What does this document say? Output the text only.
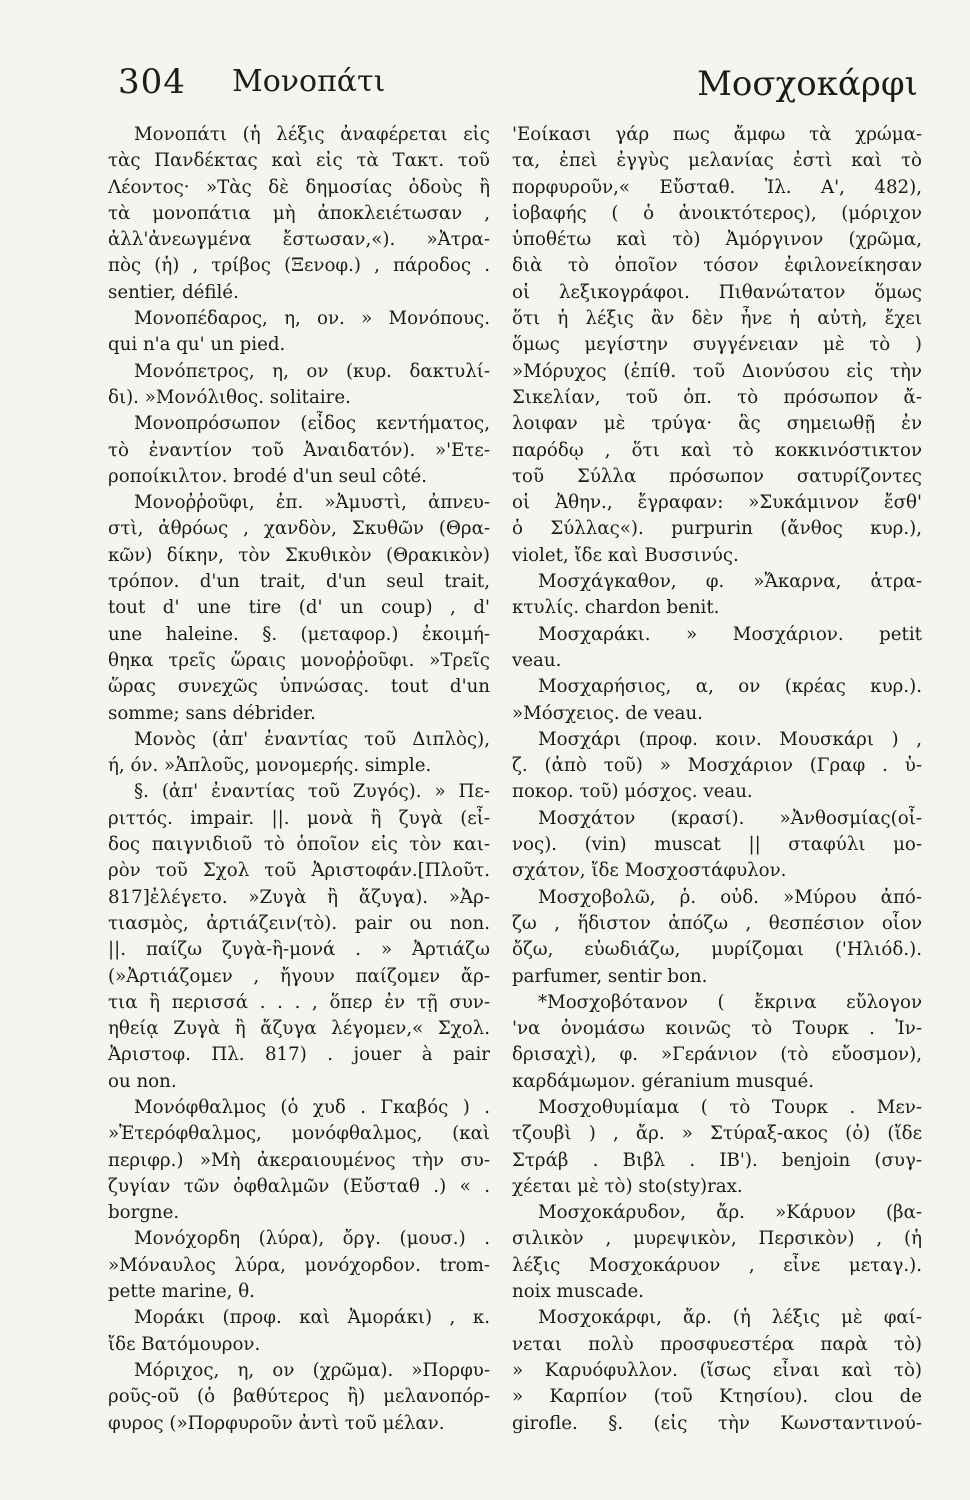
304 Μονοπάτι	Μοσχοκάρφι
Μονοπάτι (ἡ λέξις ἀναφέρεται εἰς
τὰς Πανδέκτας καὶ εἰς τὰ Τακτ. τοῦ
Λέοντος· »Τὰς δὲ δημοσίας ὁδοὺς ἢ
τὰ μονοπάτια μὴ ἀποκλειέτωσαν ,
ἀλλ'ἀνεωγμένα ἔστωσαν,«). »Ἀτρα-
πὸς (ἡ) , τρίβος (Ξενοφ.) , πάροδος .
sentier, défilé.
Μονοπέδαρος, η, ον. » Μονόπους.
qui n'a qu' un pied.
Μονόπετρος, η, ον (κυρ. δακτυλί-
δι). »Μονόλιθος. solitaire.
Μονοπρόσωπον (εἶδος κεντήματος,
τὸ ἐναντίον τοῦ Ἀναιδατόν). »'Ετε-
ροποίκιλτον. brodé d'un seul côté.
Μονοῤῥοῦφι, ἐπ. »Ἀμυστὶ, ἀπνευ-
στὶ, ἀθρόως , χανδὸν, Σκυθῶν (Θρα-
κῶν) δίκην, τὸν Σκυθικὸν (Θρακικὸν)
τρόπον. d'un trait, d'un seul trait,
tout d' une tire (d' un coup) , d'
une haleine. §. (μεταφορ.) ἐκοιμή-
θηκα τρεῖς ὥραις μονοῤῥοῦφι. »Τρεῖς
ὥρας συνεχῶς ὑπνώσας. tout d'un
somme; sans débrider.
Μονὸς (ἀπ' ἐναντίας τοῦ Διπλὸς),
ή, όν. »Ἁπλοῦς, μονομερής. simple.
§. (ἀπ' ἐναντίας τοῦ Ζυγός). » Πε-
ριττός. impair. ||. μονὰ ἢ ζυγὰ (εἶ-
δος παιγνιδιοῦ τὸ ὁποῖον εἰς τὸν και-
ρὸν τοῦ Σχολ τοῦ Ἀριστοφάν.[Πλοῦτ.
817]ἐλέγετο. »Ζυγὰ ἢ ἄζυγα). »Ἀρ-
τιασμὸς, ἀρτιάζειν(τὸ). pair ou non.
||. παίζω ζυγὰ-ἢ-μονά . » Ἀρτιάζω
(»Ἀρτιάζομεν , ἤγουν παίζομεν ἄρ-
τια ἢ περισσά . . . , ὅπερ ἐν τῇ συν-
ηθείᾳ Ζυγὰ ἢ ἄζυγα λέγομεν,« Σχολ.
Ἀριστοφ. Πλ. 817) . jouer à pair
ou non.
Μονόφθαλμος (ὁ χυδ . Γκαβός ) .
»Ἑτερόφθαλμος, μονόφθαλμος, (καὶ
περιφρ.) »Μὴ ἀκεραιουμένος τὴν συ-
ζυγίαν τῶν ὀφθαλμῶν (Εὔσταθ .) « .
borgne.
Μονόχορδη (λύρα), ὄργ. (μουσ.) .
»Μόναυλος λύρα, μονόχορδον. trom-
pette marine, θ.
Μοράκι (προφ. καὶ Ἀμοράκι) , κ.
ἴδε Βατόμουρον.
Μόριχος, η, ον (χρῶμα). »Πορφυ-
ροῦς-οῦ (ὁ βαθύτερος ἢ) μελανοπόρ-
φυρος (»Πορφυροῦν ἀντὶ τοῦ μέλαν.
'Εοίκασι γάρ πως ἄμφω τὰ χρώμα-
τα, ἐπεὶ ἐγγὺς μελανίας ἐστὶ καὶ τὸ
πορφυροῦν,« Εὔσταθ. Ἰλ. Α', 482),
ἰοβαφής ( ὁ ἀνοικτότερος), (μόριχον
ὑποθέτω καὶ τὸ) Ἀμόργινον (χρῶμα,
διὰ τὸ ὁποῖον τόσον ἐφιλονείκησαν
οἱ λεξικογράφοι. Πιθανώτατον ὅμως
ὅτι ἡ λέξις ἂν δὲν ἦνε ἡ αὐτὴ, ἔχει
ὅμως μεγίστην συγγένειαν μὲ τὸ )
»Μόρυχος (ἐπίθ. τοῦ Διονύσου εἰς τὴν
Σικελίαν, τοῦ ὀπ. τὸ πρόσωπον ἄ-
λοιφαν μὲ τρύγα· ἃς σημειωθῇ ἐν
παρόδῳ , ὅτι καὶ τὸ κοκκινόστικτον
τοῦ Σύλλα πρόσωπον σατυρίζοντες
οἱ Ἀθην., ἔγραφαν: »Συκάμινον ἔσθ'
ὁ Σύλλας«). purpurin (ἄνθος κυρ.),
violet, ἴδε καὶ Βυσσινύς.
Μοσχάγκαθον, φ. »Ἄκαρνα, ἀτρα-
κτυλίς. chardon benit.
Μοσχαράκι. » Μοσχάριον. petit
veau.
Μοσχαρήσιος, α, ον (κρέας κυρ.).
»Μόσχειος. de veau.
Μοσχάρι (προφ. κοιν. Μουσκάρι ) ,
ζ. (ἀπὸ τοῦ) » Μοσχάριον (Γραφ . ὑ-
ποκορ. τοῦ) μόσχος. veau.
Μοσχάτον (κρασί). »Ἀνθοσμίας(οἶ-
νος). (vin) muscat || σταφύλι μο-
σχάτον, ἴδε Μοσχοστάφυλον.
Μοσχοβολῶ, ῥ. οὐδ. »Μύρου ἀπό-
ζω , ἥδιστον ἀπόζω , θεσπέσιον οἷον
ὄζω, εὐωδιάζω, μυρίζομαι ('Ηλιόδ.).
parfumer, sentir bon.
*Μοσχοβότανον ( ἔκρινα εὔλογον
'να ὀνομάσω κοινῶς τὸ Τουρκ . Ἰν-
δρισαχὶ), φ. »Γεράνιον (τὸ εὔοσμον),
καρδάμωμον. géranium musqué.
Μοσχοθυμίαμα ( τὸ Τουρκ . Μεν-
τζουβὶ ) , ἄρ. » Στύραξ-ακος (ὁ) (ἴδε
Στράβ . Βιβλ . ΙΒ'). benjoin (συγ-
χέεται μὲ τὸ) sto(sty)rax.
Μοσχοκάρυδον, ἄρ. »Κάρυον (βα-
σιλικὸν , μυρεψικὸν, Περσικὸν) , (ἡ
λέξις Μοσχοκάρυον , εἶνε μεταγ.).
noix muscade.
Μοσχοκάρφι, ἄρ. (ἡ λέξις μὲ φαί-
νεται πολὺ προσφυεστέρα παρὰ τὸ)
» Καρυόφυλλον. (ἴσως εἶναι καὶ τὸ)
» Καρπίον (τοῦ Κτησίου). clou de
girofle. §. (εἰς τὴν Κωνσταντινού-
